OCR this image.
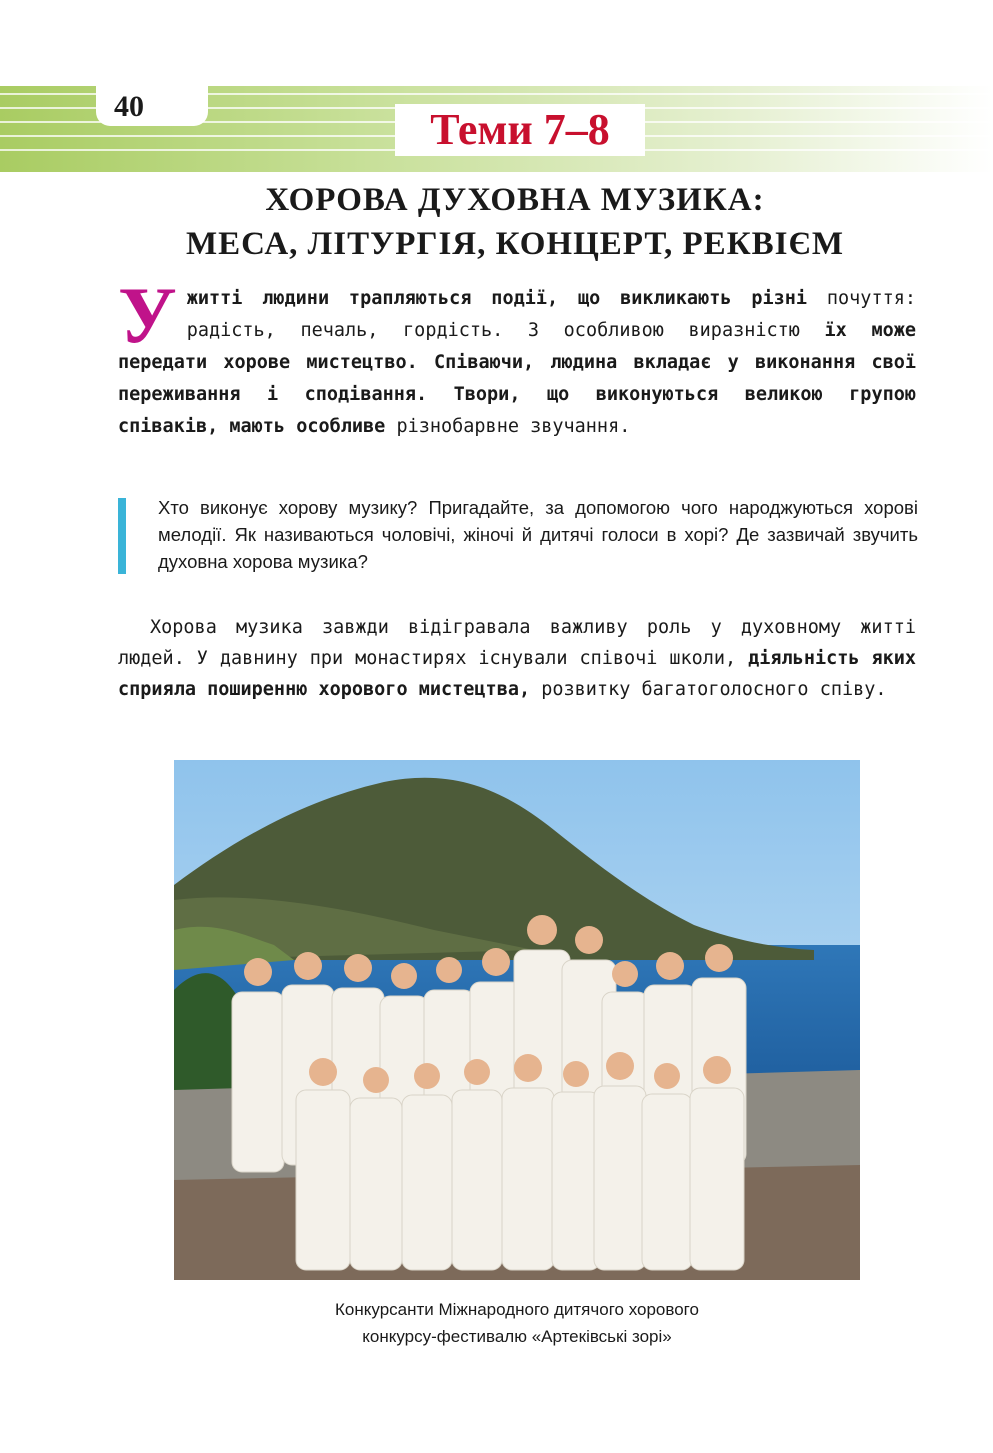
40	Теми 7–8
ХОРОВА ДУХОВНА МУЗИКА:
МЕСА, ЛІТУРГІЯ, КОНЦЕРТ, РЕКВІЄМ
У житті людини трапляються події, що викликають різні почуття: радість, печаль, гордість. З особливою виразністю їх може передати хорове мистецтво. Співаючи, людина вкладає у виконання свої переживання і сподівання. Твори, що виконуються великою групою співаків, мають особливе різнобарвне звучання.
Хто виконує хорову музику? Пригадайте, за допомогою чого народжуються хорові мелодії. Як називаються чоловічі, жіночі й дитячі голоси в хорі? Де зазвичай звучить духовна хорова музика?
Хорова музика завжди відігравала важливу роль у духовному житті людей. У давнину при монастирях існували співочі школи, діяльність яких сприяла поширенню хорового мистецтва, розвитку багатоголосного співу.
Конкурсанти Міжнародного дитячого хорового
конкурсу-фестивалю «Артеківські зорі»
